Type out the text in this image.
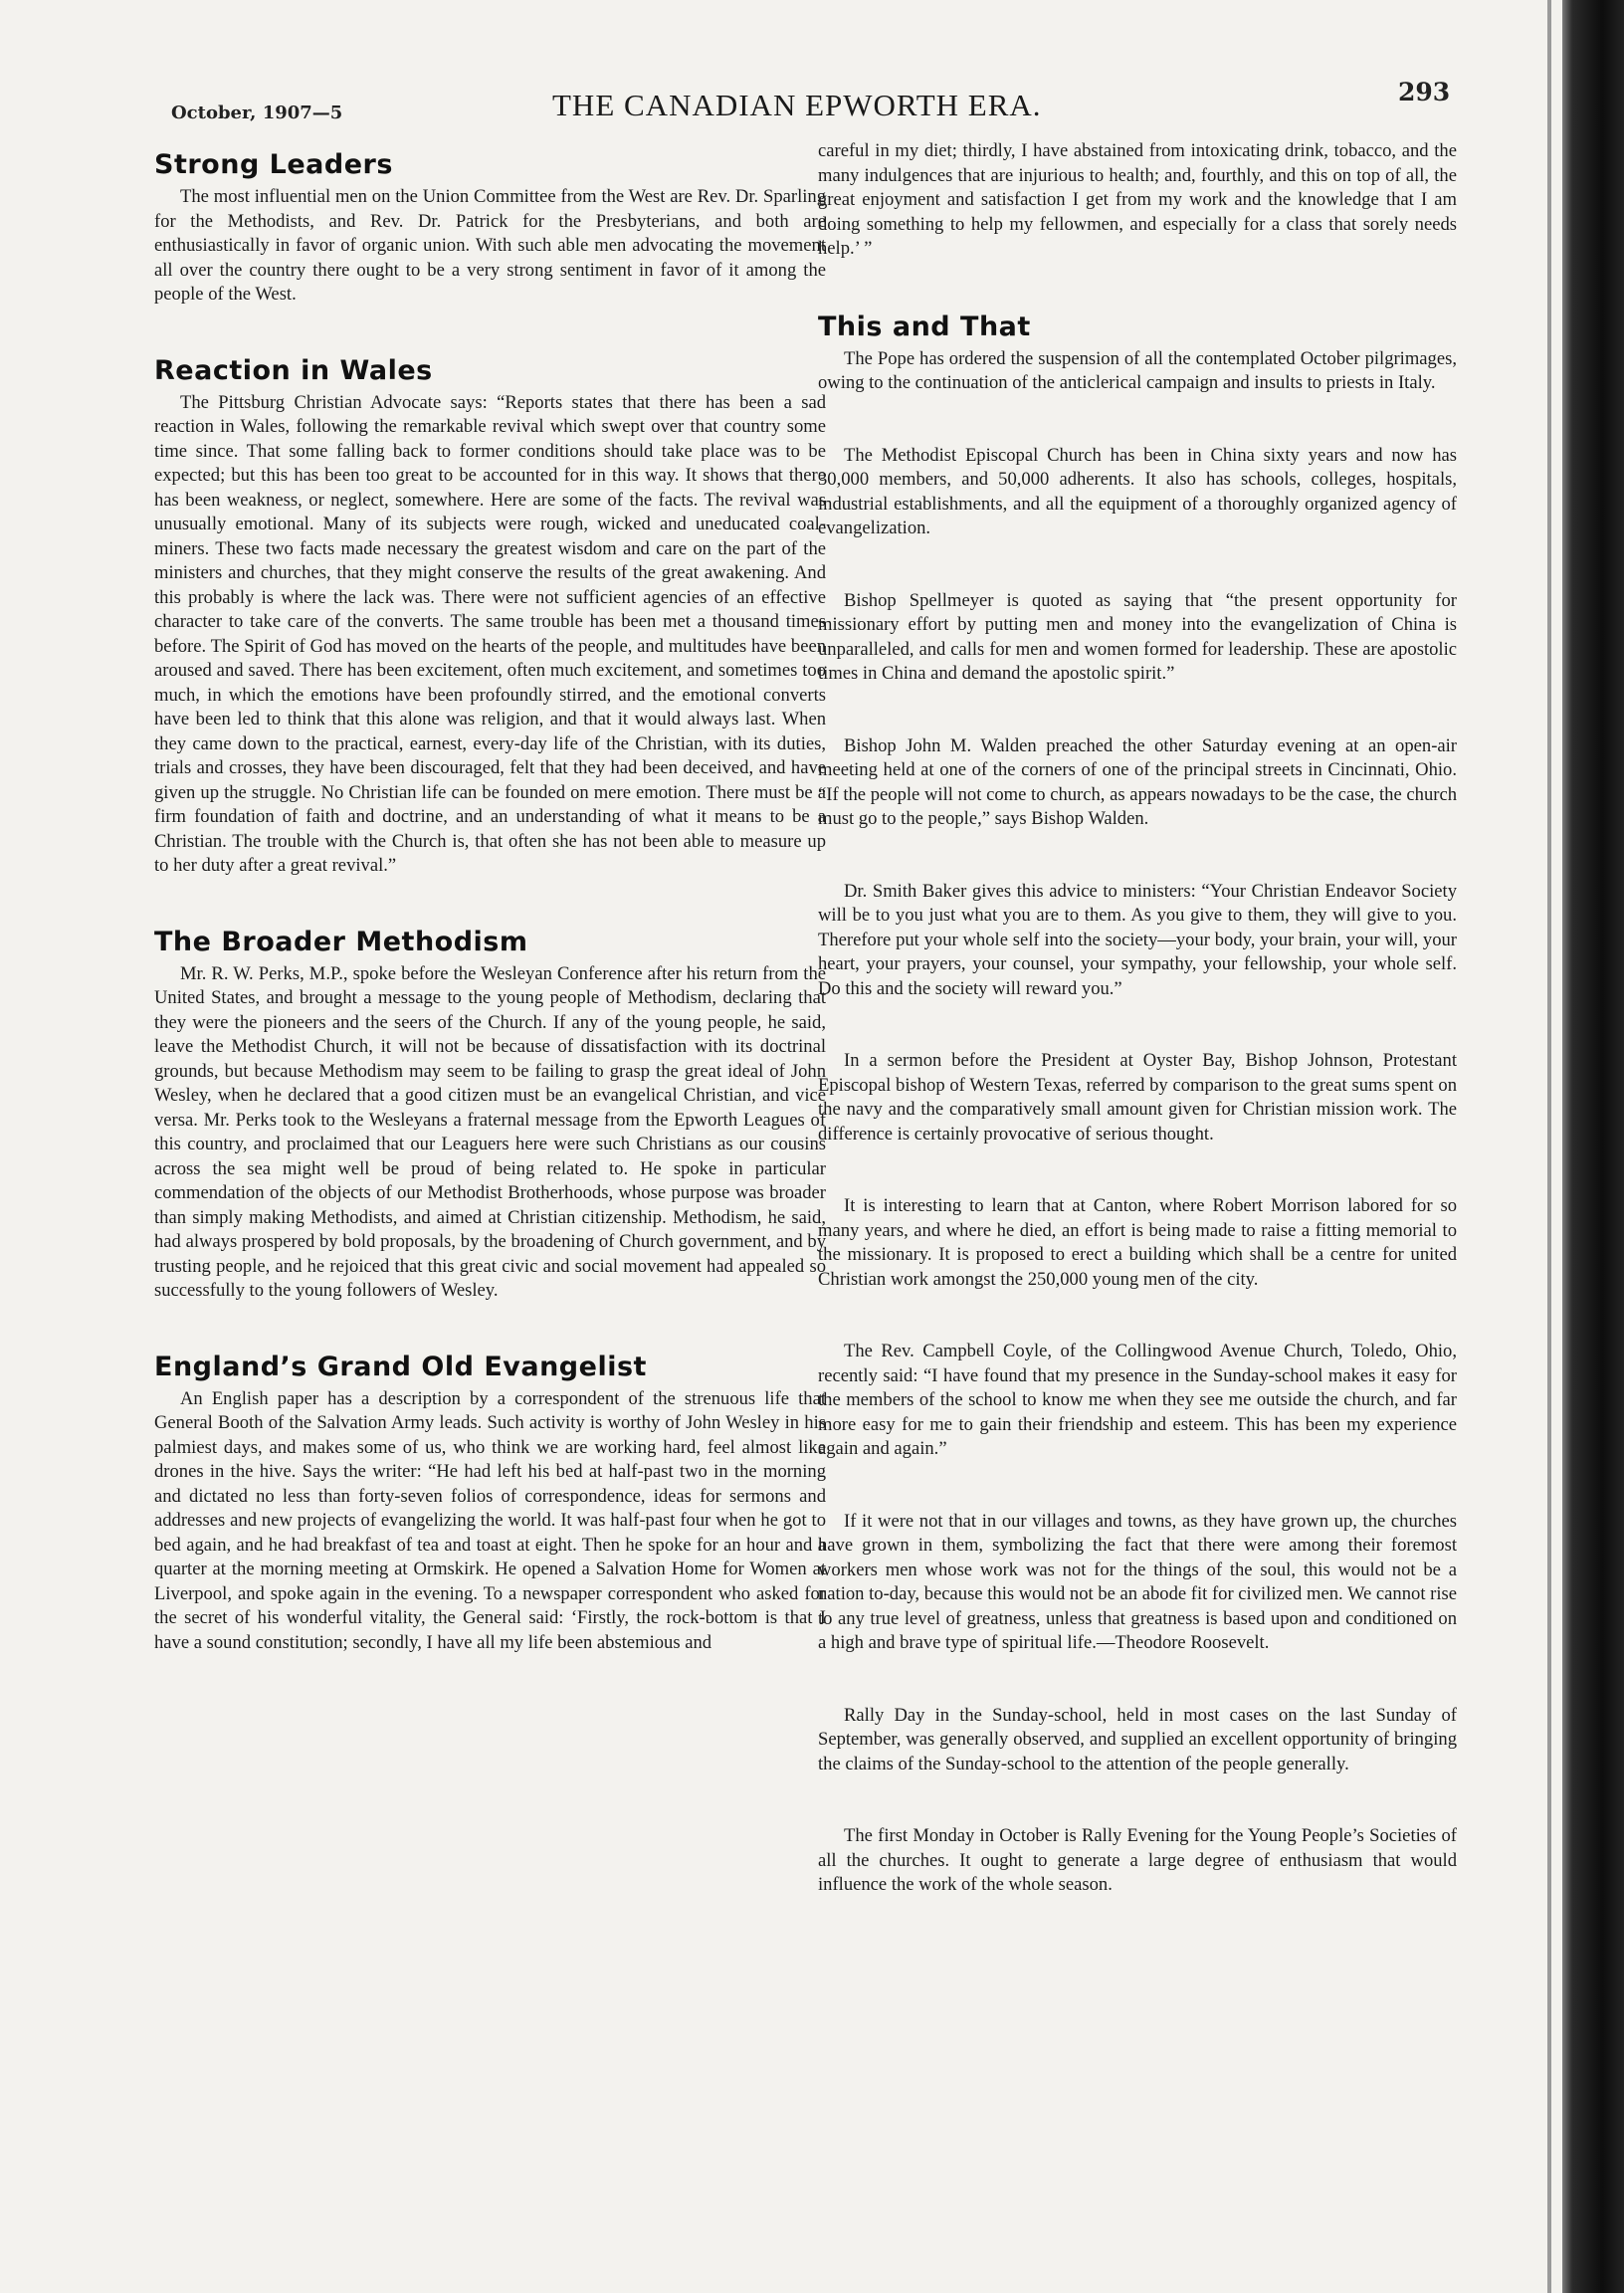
October, 1907—5	THE CANADIAN EPWORTH ERA.	293
Strong Leaders

The most influential men on the Union Committee from the West are Rev. Dr. Sparling for the Methodists, and Rev. Dr. Patrick for the Presbyterians, and both are enthusiastically in favor of organic union. With such able men advocating the movement all over the country there ought to be a very strong sentiment in favor of it among the people of the West.

Reaction in Wales

The Pittsburg Christian Advocate says: “Reports states that there has been a sad reaction in Wales, following the remarkable revival which swept over that country some time since. That some falling back to former conditions should take place was to be expected; but this has been too great to be accounted for in this way. It shows that there has been weakness, or neglect, somewhere. Here are some of the facts. The revival was unusually emotional. Many of its subjects were rough, wicked and uneducated coal-miners. These two facts made necessary the greatest wisdom and care on the part of the ministers and churches, that they might conserve the results of the great awakening. And this probably is where the lack was. There were not sufficient agencies of an effective character to take care of the converts. The same trouble has been met a thousand times before. The Spirit of God has moved on the hearts of the people, and multitudes have been aroused and saved. There has been excitement, often much excitement, and sometimes too much, in which the emotions have been profoundly stirred, and the emotional converts have been led to think that this alone was religion, and that it would always last. When they came down to the practical, earnest, every-day life of the Christian, with its duties, trials and crosses, they have been discouraged, felt that they had been deceived, and have given up the struggle. No Christian life can be founded on mere emotion. There must be a firm foundation of faith and doctrine, and an understanding of what it means to be a Christian. The trouble with the Church is, that often she has not been able to measure up to her duty after a great revival.”

The Broader Methodism

Mr. R. W. Perks, M.P., spoke before the Wesleyan Conference after his return from the United States, and brought a message to the young people of Methodism, declaring that they were the pioneers and the seers of the Church. If any of the young people, he said, leave the Methodist Church, it will not be because of dissatisfaction with its doctrinal grounds, but because Methodism may seem to be failing to grasp the great ideal of John Wesley, when he declared that a good citizen must be an evangelical Christian, and vice versa. Mr. Perks took to the Wesleyans a fraternal message from the Epworth Leagues of this country, and proclaimed that our Leaguers here were such Christians as our cousins across the sea might well be proud of being related to. He spoke in particular commendation of the objects of our Methodist Brotherhoods, whose purpose was broader than simply making Methodists, and aimed at Christian citizenship. Methodism, he said, had always prospered by bold proposals, by the broadening of Church government, and by trusting people, and he rejoiced that this great civic and social movement had appealed so successfully to the young followers of Wesley.

England’s Grand Old Evangelist

An English paper has a description by a correspondent of the strenuous life that General Booth of the Salvation Army leads. Such activity is worthy of John Wesley in his palmiest days, and makes some of us, who think we are working hard, feel almost like drones in the hive. Says the writer: “He had left his bed at half-past two in the morning and dictated no less than forty-seven folios of correspondence, ideas for sermons and addresses and new projects of evangelizing the world. It was half-past four when he got to bed again, and he had breakfast of tea and toast at eight. Then he spoke for an hour and a quarter at the morning meeting at Ormskirk. He opened a Salvation Home for Women at Liverpool, and spoke again in the evening. To a newspaper correspondent who asked for the secret of his wonderful vitality, the General said: ‘Firstly, the rock-bottom is that I have a sound constitution; secondly, I have all my life been abstemious and

careful in my diet; thirdly, I have abstained from intoxicating drink, tobacco, and the many indulgences that are injurious to health; and, fourthly, and this on top of all, the great enjoyment and satisfaction I get from my work and the knowledge that I am doing something to help my fellowmen, and especially for a class that sorely needs help.’ ”

This and That

The Pope has ordered the suspension of all the contemplated October pilgrimages, owing to the continuation of the anticlerical campaign and insults to priests in Italy.

The Methodist Episcopal Church has been in China sixty years and now has 30,000 members, and 50,000 adherents. It also has schools, colleges, hospitals, industrial establishments, and all the equipment of a thoroughly organized agency of evangelization.

Bishop Spellmeyer is quoted as saying that “the present opportunity for missionary effort by putting men and money into the evangelization of China is unparalleled, and calls for men and women formed for leadership. These are apostolic times in China and demand the apostolic spirit.”

Bishop John M. Walden preached the other Saturday evening at an open-air meeting held at one of the corners of one of the principal streets in Cincinnati, Ohio. “If the people will not come to church, as appears nowadays to be the case, the church must go to the people,” says Bishop Walden.

Dr. Smith Baker gives this advice to ministers: “Your Christian Endeavor Society will be to you just what you are to them. As you give to them, they will give to you. Therefore put your whole self into the society—your body, your brain, your will, your heart, your prayers, your counsel, your sympathy, your fellowship, your whole self. Do this and the society will reward you.”

In a sermon before the President at Oyster Bay, Bishop Johnson, Protestant Episcopal bishop of Western Texas, referred by comparison to the great sums spent on the navy and the comparatively small amount given for Christian mission work. The difference is certainly provocative of serious thought.

It is interesting to learn that at Canton, where Robert Morrison labored for so many years, and where he died, an effort is being made to raise a fitting memorial to the missionary. It is proposed to erect a building which shall be a centre for united Christian work amongst the 250,000 young men of the city.

The Rev. Campbell Coyle, of the Collingwood Avenue Church, Toledo, Ohio, recently said: “I have found that my presence in the Sunday-school makes it easy for the members of the school to know me when they see me outside the church, and far more easy for me to gain their friendship and esteem. This has been my experience again and again.”

If it were not that in our villages and towns, as they have grown up, the churches have grown in them, symbolizing the fact that there were among their foremost workers men whose work was not for the things of the soul, this would not be a nation to-day, because this would not be an abode fit for civilized men. We cannot rise to any true level of greatness, unless that greatness is based upon and conditioned on a high and brave type of spiritual life.—Theodore Roosevelt.

Rally Day in the Sunday-school, held in most cases on the last Sunday of September, was generally observed, and supplied an excellent opportunity of bringing the claims of the Sunday-school to the attention of the people generally.

The first Monday in October is Rally Evening for the Young People’s Societies of all the churches. It ought to generate a large degree of enthusiasm that would influence the work of the whole season.
